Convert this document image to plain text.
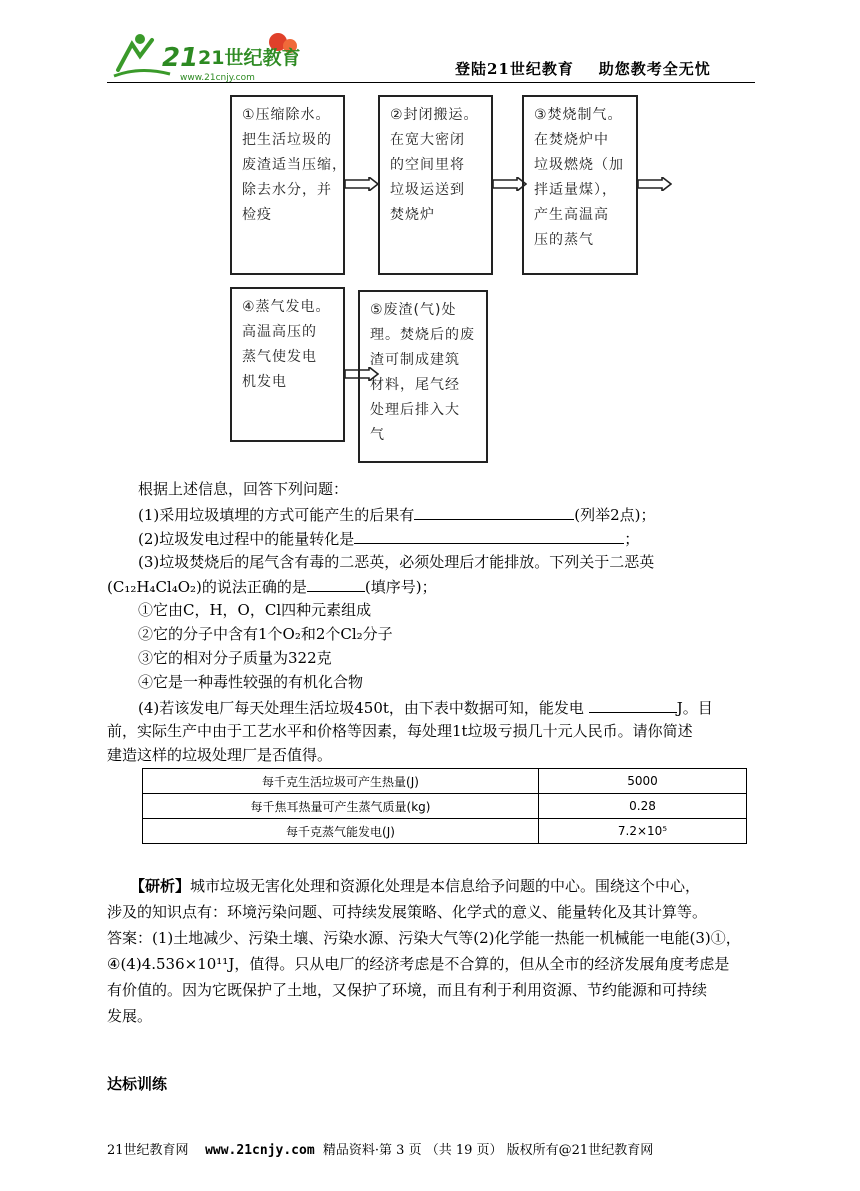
21 21世纪教育
www.21cnjy.com	登陆21世纪教育    助您教考全无忧
①压缩除水。
把生活垃圾的
废渣适当压缩，
除去水分，并
检疫
②封闭搬运。
在宽大密闭
的空间里将
垃圾运送到
焚烧炉
③焚烧制气。
在焚烧炉中
垃圾燃烧（加
拌适量煤），
产生高温高
压的蒸气
④蒸气发电。
高温高压的
蒸气使发电
机发电
⑤废渣(气)处
理。焚烧后的废
渣可制成建筑
材料，尾气经
处理后排入大
气
根据上述信息，回答下列问题：
(1)采用垃圾填埋的方式可能产生的后果有	(列举2点)；
(2)垃圾发电过程中的能量转化是	；
(3)垃圾焚烧后的尾气含有毒的二恶英，必须处理后才能排放。下列关于二恶英
(C₁₂H₄Cl₄O₂)的说法正确的是	(填序号)；
①它由C，H，O，Cl四种元素组成
②它的分子中含有1个O₂和2个Cl₂分子
③它的相对分子质量为322克
④它是一种毒性较强的有机化合物
(4)若该发电厂每天处理生活垃圾450t，由下表中数据可知，能发电	J。目
前，实际生产中由于工艺水平和价格等因素，每处理1t垃圾亏损几十元人民币。请你简述
建造这样的垃圾处理厂是否值得。
每千克生活垃圾可产生热量(J)	5000
每千焦耳热量可产生蒸气质量(kg)	0.28
每千克蒸气能发电(J)	7.2×10⁵
【研析】城市垃圾无害化处理和资源化处理是本信息给予问题的中心。围绕这个中心，
涉及的知识点有：环境污染问题、可持续发展策略、化学式的意义、能量转化及其计算等。
答案：(1)土地减少、污染土壤、污染水源、污染大气等(2)化学能一热能一机械能一电能(3)①，
④(4)4.536×10¹¹J，值得。只从电厂的经济考虑是不合算的，但从全市的经济发展角度考虑是
有价值的。因为它既保护了土地，又保护了环境，而且有利于利用资源、节约能源和可持续
发展。
达标训练
21世纪教育网 www.21cnjy.com 精品资料·第 3 页 （共 19 页） 版权所有@21世纪教育网
